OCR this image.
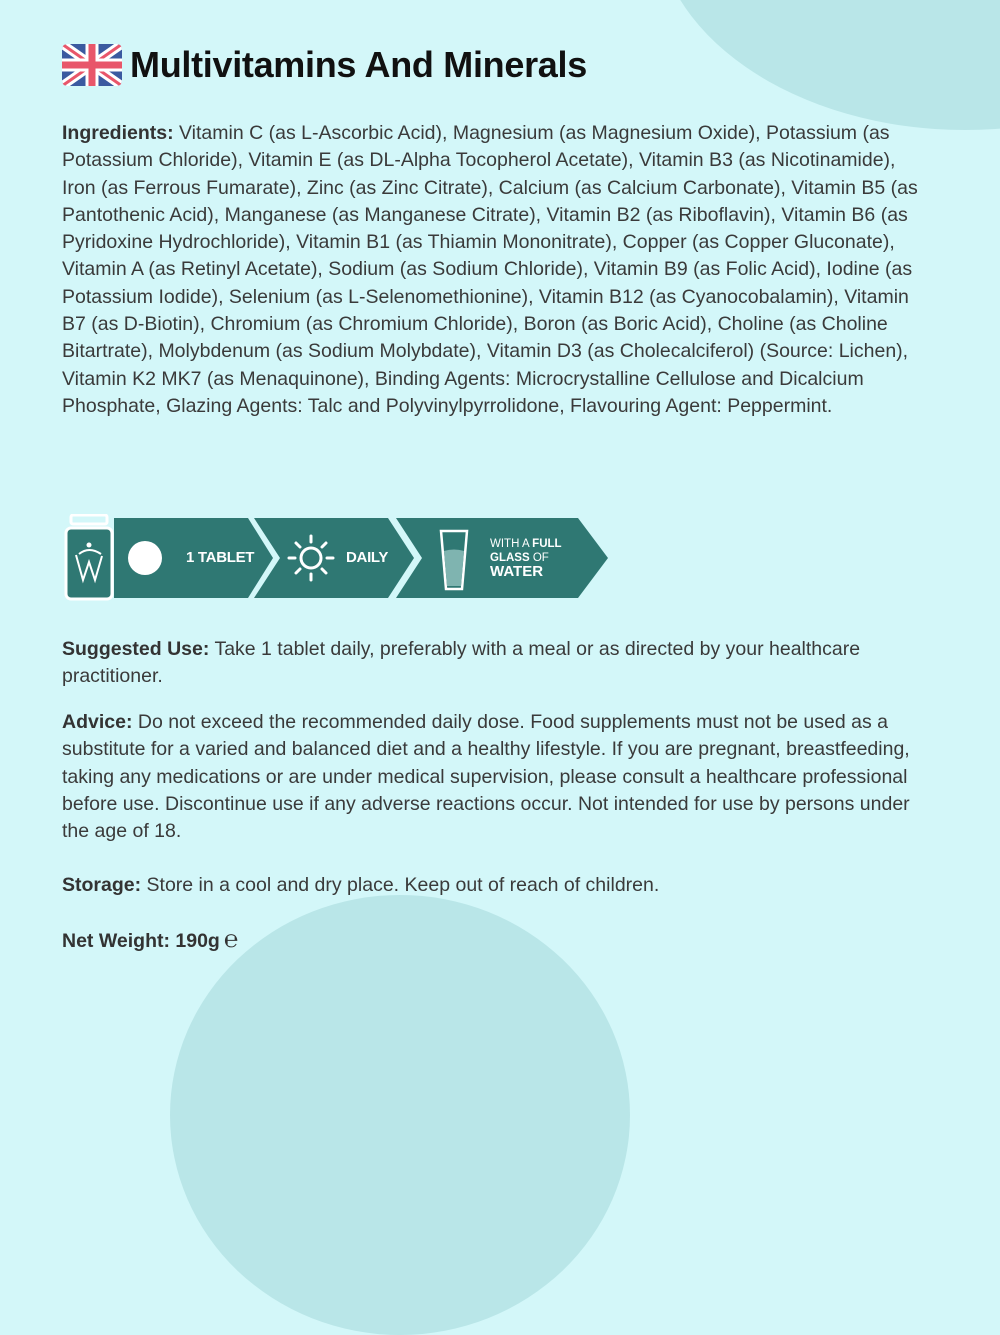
Multivitamins And Minerals
Ingredients: Vitamin C (as L-Ascorbic Acid), Magnesium (as Magnesium Oxide), Potassium (as Potassium Chloride), Vitamin E (as DL-Alpha Tocopherol Acetate), Vitamin B3 (as Nicotinamide), Iron (as Ferrous Fumarate), Zinc (as Zinc Citrate), Calcium (as Calcium Carbonate), Vitamin B5 (as Pantothenic Acid), Manganese (as Manganese Citrate), Vitamin B2 (as Riboflavin), Vitamin B6 (as Pyridoxine Hydrochloride), Vitamin B1 (as Thiamin Mononitrate), Copper (as Copper Gluconate), Vitamin A (as Retinyl Acetate), Sodium (as Sodium Chloride), Vitamin B9 (as Folic Acid), Iodine (as Potassium Iodide), Selenium (as L-Selenomethionine), Vitamin B12 (as Cyanocobalamin), Vitamin B7 (as D-Biotin), Chromium (as Chromium Chloride), Boron (as Boric Acid), Choline (as Choline Bitartrate), Molybdenum (as Sodium Molybdate), Vitamin D3 (as Cholecalciferol) (Source: Lichen), Vitamin K2 MK7 (as Menaquinone), Binding Agents: Microcrystalline Cellulose and Dicalcium Phosphate, Glazing Agents: Talc and Polyvinylpyrrolidone, Flavouring Agent: Peppermint.
Suggested Use: Take 1 tablet daily, preferably with a meal or as directed by your healthcare practitioner.
Advice: Do not exceed the recommended daily dose. Food supplements must not be used as a substitute for a varied and balanced diet and a healthy lifestyle. If you are pregnant, breastfeeding, taking any medications or are under medical supervision, please consult a healthcare professional before use. Discontinue use if any adverse reactions occur. Not intended for use by persons under the age of 18.
Storage: Store in a cool and dry place. Keep out of reach of children.
Net Weight: 190g ℮
1 TABLET	DAILY
WITH A FULL
GLASS OF
WATER
